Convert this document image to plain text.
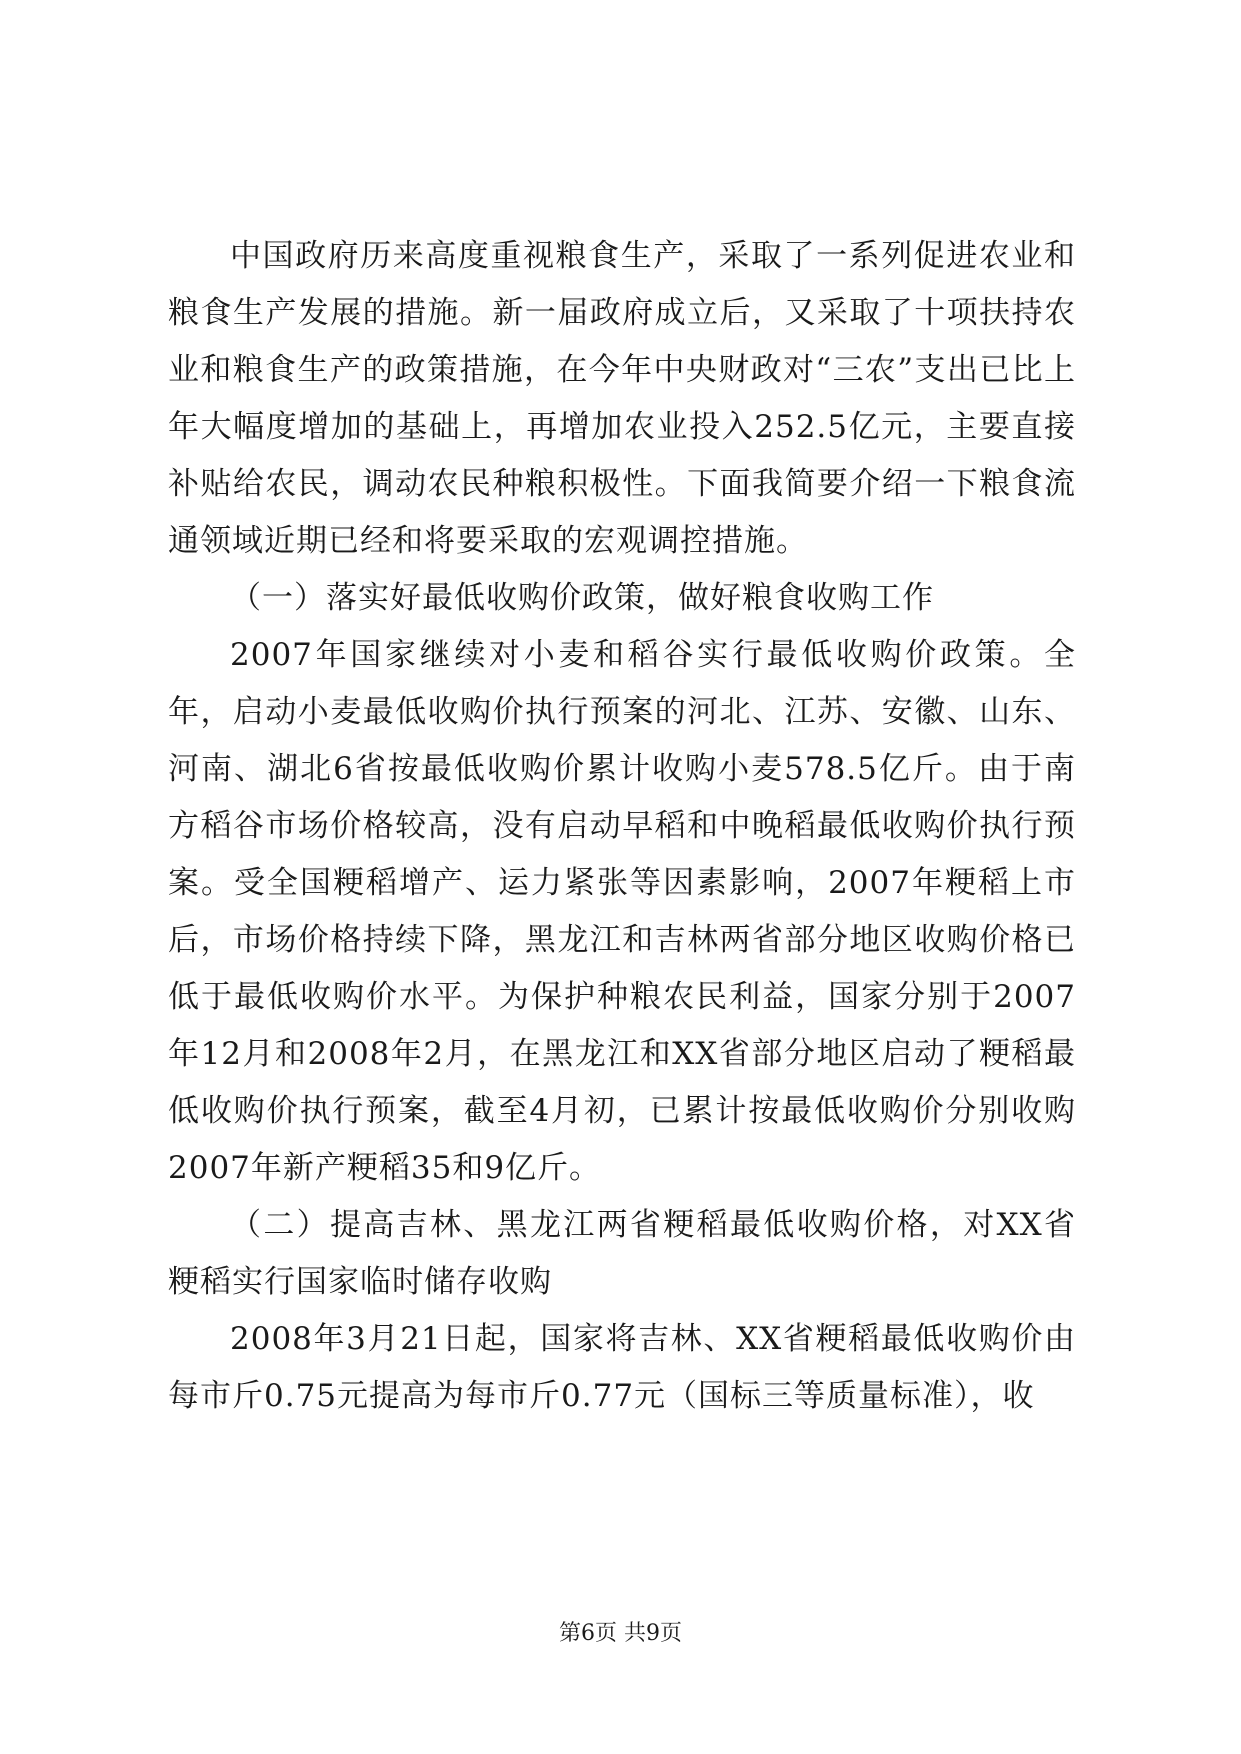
中国政府历来高度重视粮食生产，采取了一系列促进农业和粮食生产发展的措施。新一届政府成立后，又采取了十项扶持农业和粮食生产的政策措施，在今年中央财政对“三农”支出已比上年大幅度增加的基础上，再增加农业投入252.5亿元，主要直接补贴给农民，调动农民种粮积极性。下面我简要介绍一下粮食流通领域近期已经和将要采取的宏观调控措施。

（一）落实好最低收购价政策，做好粮食收购工作

2007年国家继续对小麦和稻谷实行最低收购价政策。全年，启动小麦最低收购价执行预案的河北、江苏、安徽、山东、河南、湖北6省按最低收购价累计收购小麦578.5亿斤。由于南方稻谷市场价格较高，没有启动早稻和中晚稻最低收购价执行预案。受全国粳稻增产、运力紧张等因素影响，2007年粳稻上市后，市场价格持续下降，黑龙江和吉林两省部分地区收购价格已低于最低收购价水平。为保护种粮农民利益，国家分别于2007年12月和2008年2月，在黑龙江和XX省部分地区启动了粳稻最低收购价执行预案，截至4月初，已累计按最低收购价分别收购2007年新产粳稻35和9亿斤。

（二）提高吉林、黑龙江两省粳稻最低收购价格，对XX省粳稻实行国家临时储存收购

2008年3月21日起，国家将吉林、XX省粳稻最低收购价由每市斤0.75元提高为每市斤0.77元（国标三等质量标准），收

第6页 共9页
